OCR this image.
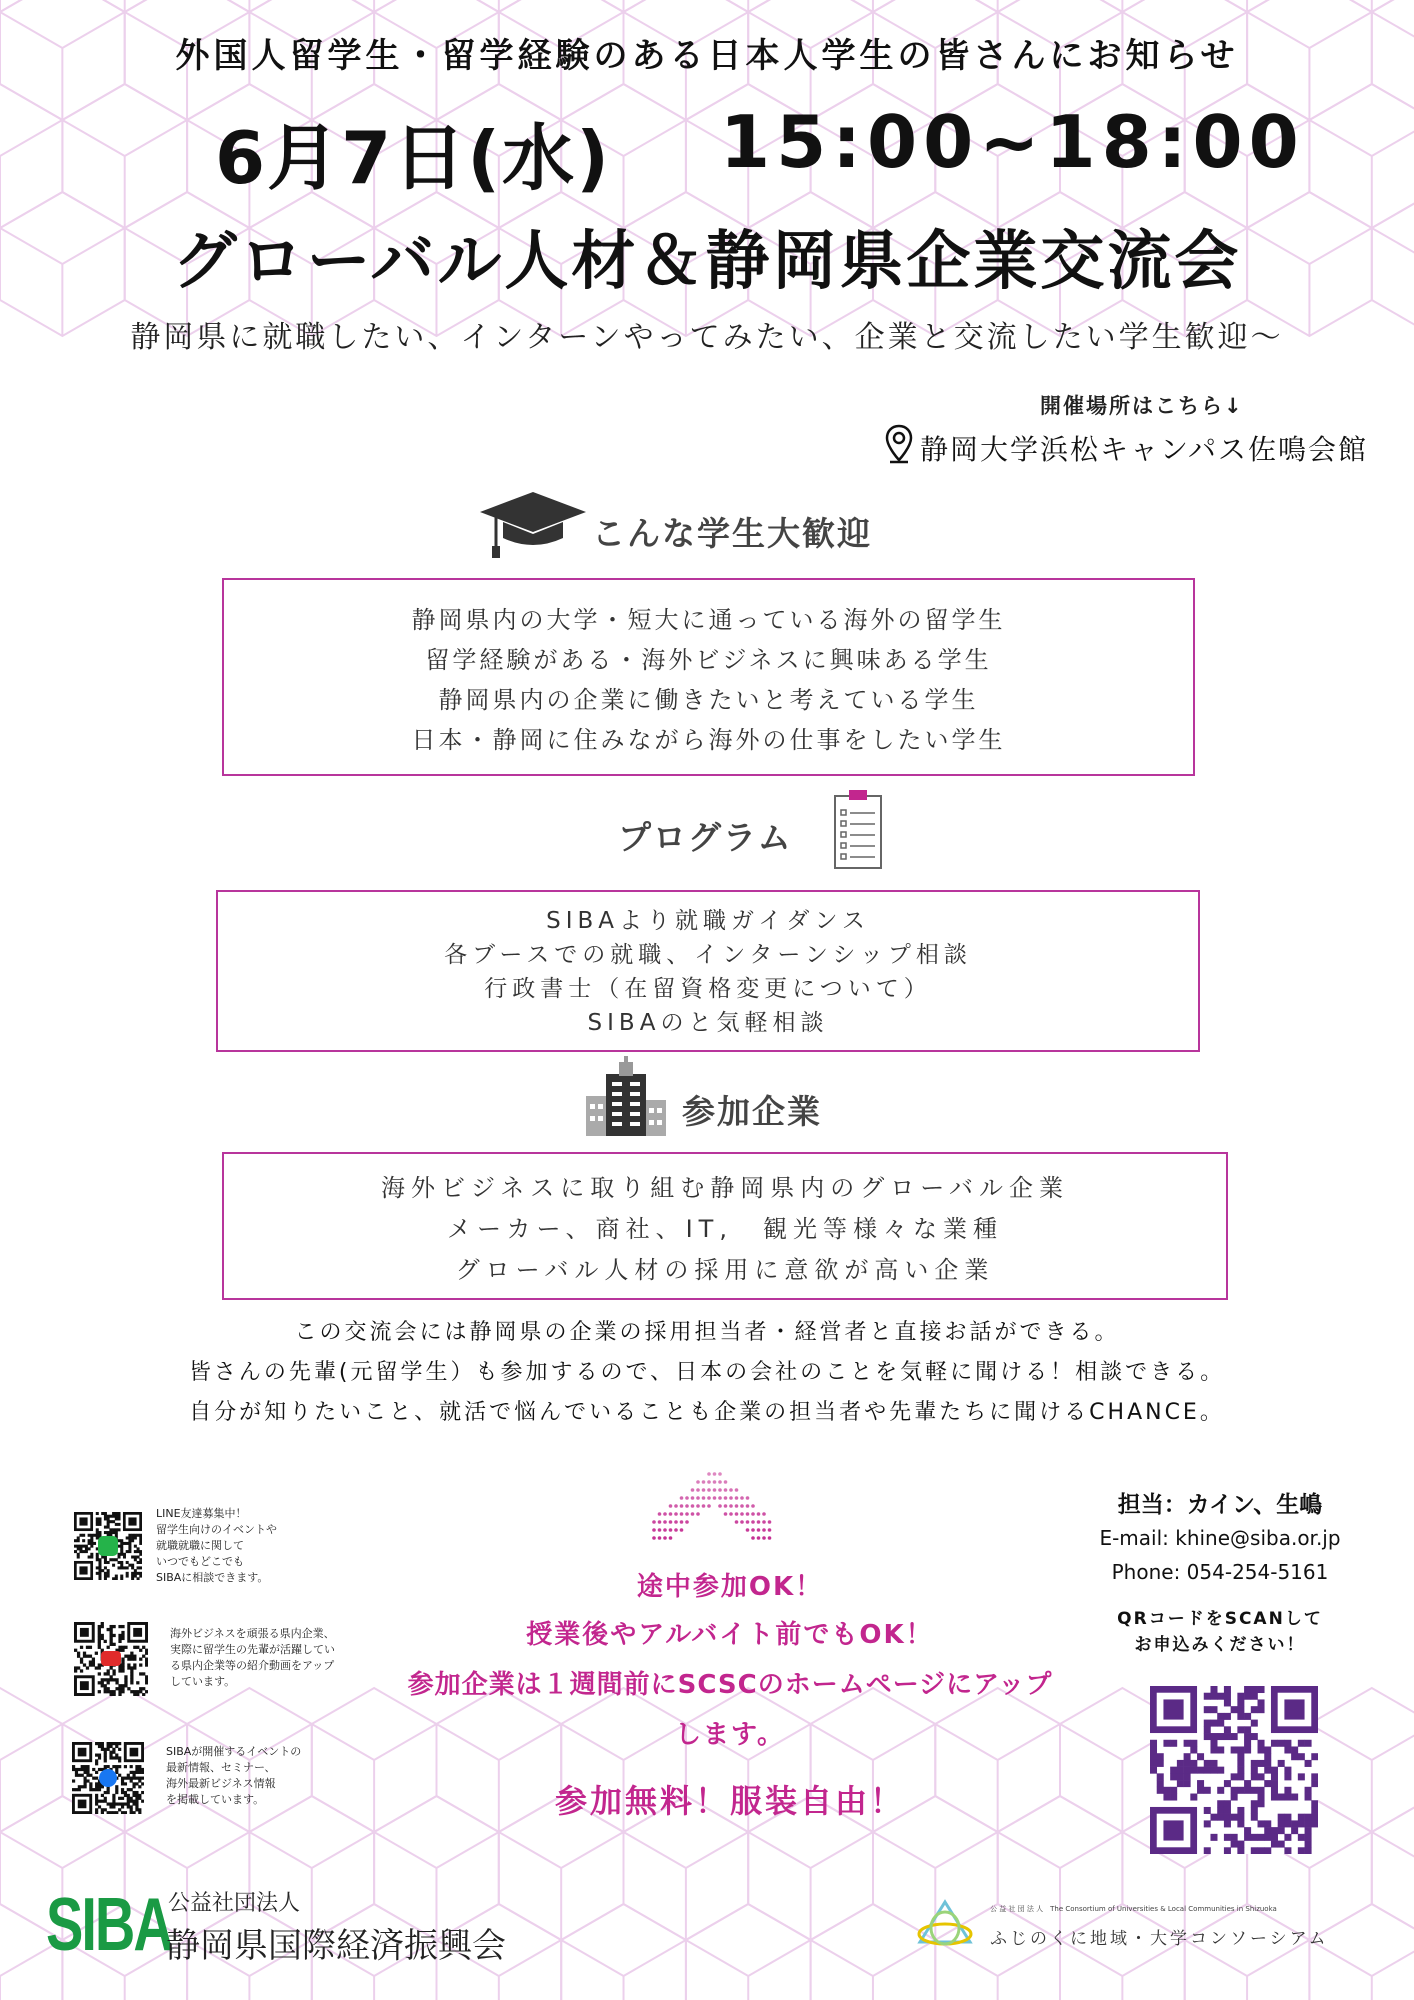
外国人留学生・留学経験のある日本人学生の皆さんにお知らせ
6月7日(水) 15:00~18:00
グローバル人材＆静岡県企業交流会
静岡県に就職したい、インターンやってみたい、企業と交流したい学生歓迎～
開催場所はこちら↓
静岡大学浜松キャンパス佐鳴会館
こんな学生大歓迎
静岡県内の大学・短大に通っている海外の留学生
留学経験がある・海外ビジネスに興味ある学生
静岡県内の企業に働きたいと考えている学生
日本・静岡に住みながら海外の仕事をしたい学生
プログラム
SIBAより就職ガイダンス
各ブースでの就職、インターンシップ相談
行政書士（在留資格変更について）
SIBAのと気軽相談
参加企業
海外ビジネスに取り組む静岡県内のグローバル企業
メーカー、商社、IT,　観光等様々な業種
グローバル人材の採用に意欲が高い企業
この交流会には静岡県の企業の採用担当者・経営者と直接お話ができる。
皆さんの先輩(元留学生）も参加するので、日本の会社のことを気軽に聞ける！相談できる。
自分が知りたいこと、就活で悩んでいることも企業の担当者や先輩たちに聞けるCHANCE。
LINE友達募集中！
留学生向けのイベントや
就職就職に関して
いつでもどこでも
SIBAに相談できます。
海外ビジネスを頑張る県内企業、
実際に留学生の先輩が活躍してい
る県内企業等の紹介動画をアップ
しています。
SIBAが開催するイベントの
最新情報、セミナー、
海外最新ビジネス情報
を掲載しています。
途中参加OK！
授業後やアルバイト前でもOK！
参加企業は１週間前にSCSCのホームページにアップ
します。
参加無料！服装自由！
担当：カイン、生嶋
E-mail: khine@siba.or.jp
Phone: 054-254-5161
QRコードをSCANして
お申込みください！
SIBA
公益社団法人
静岡県国際経済振興会
公 益 社 団 法 人　The Consortium of Universities & Local Communities in Shizuoka
ふじのくに地域・大学コンソーシアム
